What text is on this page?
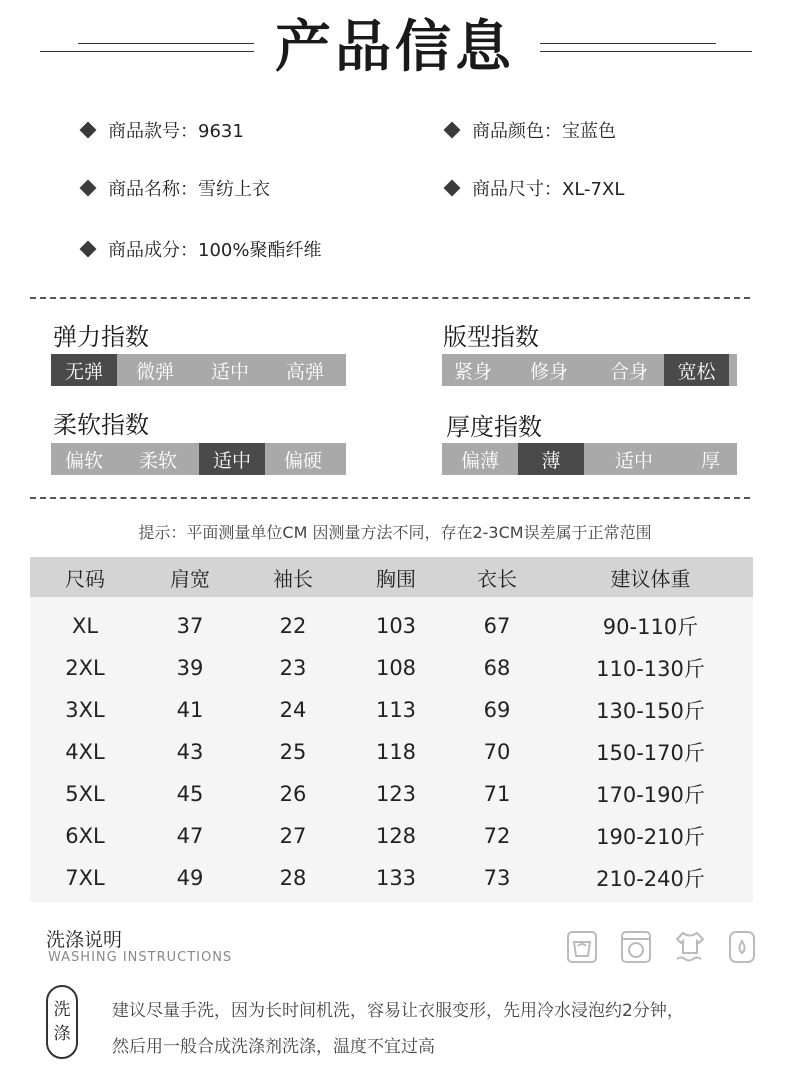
产品信息
商品款号：9631	商品颜色：宝蓝色
商品名称：雪纺上衣	商品尺寸：XL-7XL
商品成分：100%聚酯纤维
弹力指数
无弹	微弹	适中	高弹
版型指数
紧身	修身	合身	宽松
柔软指数
偏软	柔软	适中	偏硬
厚度指数
偏薄	薄	适中	厚
提示：平面测量单位CM 因测量方法不同，存在2-3CM误差属于正常范围
尺码	肩宽	袖长	胸围	衣长	建议体重
XL	37	22	103	67	90-110斤
2XL	39	23	108	68	110-130斤
3XL	41	24	113	69	130-150斤
4XL	43	25	118	70	150-170斤
5XL	45	26	123	71	170-190斤
6XL	47	27	128	72	190-210斤
7XL	49	28	133	73	210-240斤
洗涤说明
WASHING INSTRUCTIONS
洗
涤
建议尽量手洗，因为长时间机洗，容易让衣服变形，先用冷水浸泡约2分钟，
然后用一般合成洗涤剂洗涤，温度不宜过高
